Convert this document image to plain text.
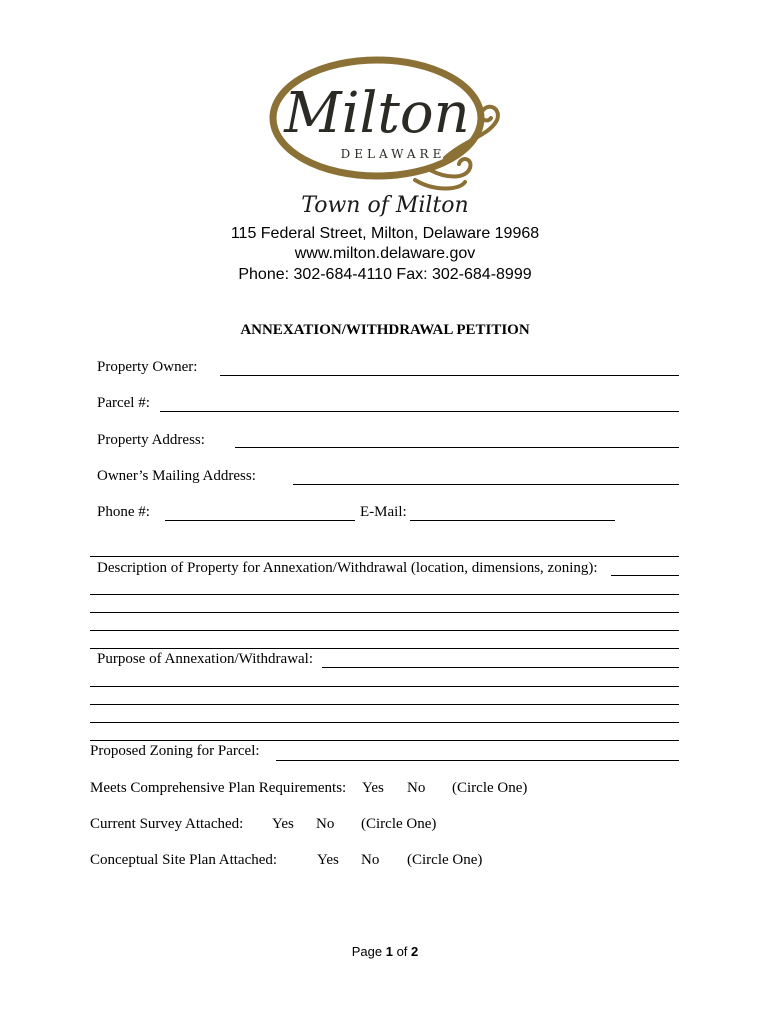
Milton
DELAWARE
Town of Milton
115 Federal Street, Milton, Delaware 19968
www.milton.delaware.gov
Phone: 302-684-4110 Fax: 302-684-8999
ANNEXATION/WITHDRAWAL PETITION
Property Owner:
Parcel #:
Property Address:
Owner’s Mailing Address:
Phone #:	E-Mail:
Description of Property for Annexation/Withdrawal (location, dimensions, zoning):
Purpose of Annexation/Withdrawal:
Proposed Zoning for Parcel:
Meets Comprehensive Plan Requirements: Yes No (Circle One)
Current Survey Attached: Yes No (Circle One)
Conceptual Site Plan Attached:	Yes No (Circle One)
Page 1 of 2
